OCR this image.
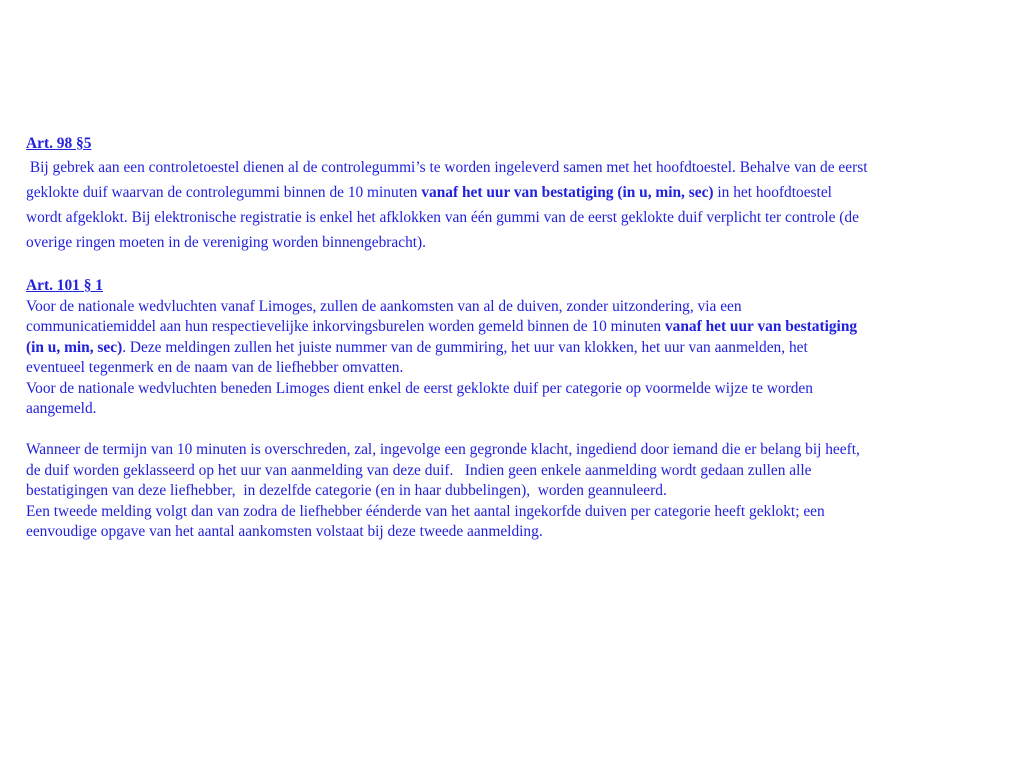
Art. 98 §5
Bij gebrek aan een controletoestel dienen al de controlegummi’s te worden ingeleverd samen met het hoofdtoestel. Behalve van de eerst
geklokte duif waarvan de controlegummi binnen de 10 minuten vanaf het uur van bestatiging (in u, min, sec) in het hoofdtoestel
wordt afgeklokt. Bij elektronische registratie is enkel het afklokken van één gummi van de eerst geklokte duif verplicht ter controle (de
overige ringen moeten in de vereniging worden binnengebracht).
Art. 101 § 1
Voor de nationale wedvluchten vanaf Limoges, zullen de aankomsten van al de duiven, zonder uitzondering, via een
communicatiemiddel aan hun respectievelijke inkorvingsburelen worden gemeld binnen de 10 minuten vanaf het uur van bestatiging
(in u, min, sec). Deze meldingen zullen het juiste nummer van de gummiring, het uur van klokken, het uur van aanmelden, het
eventueel tegenmerk en de naam van de liefhebber omvatten.
Voor de nationale wedvluchten beneden Limoges dient enkel de eerst geklokte duif per categorie op voormelde wijze te worden
aangemeld.

Wanneer de termijn van 10 minuten is overschreden, zal, ingevolge een gegronde klacht, ingediend door iemand die er belang bij heeft,
de duif worden geklasseerd op het uur van aanmelding van deze duif.   Indien geen enkele aanmelding wordt gedaan zullen alle
bestatigingen van deze liefhebber,  in dezelfde categorie (en in haar dubbelingen),  worden geannuleerd.
Een tweede melding volgt dan van zodra de liefhebber éénderde van het aantal ingekorfde duiven per categorie heeft geklokt; een
eenvoudige opgave van het aantal aankomsten volstaat bij deze tweede aanmelding.
